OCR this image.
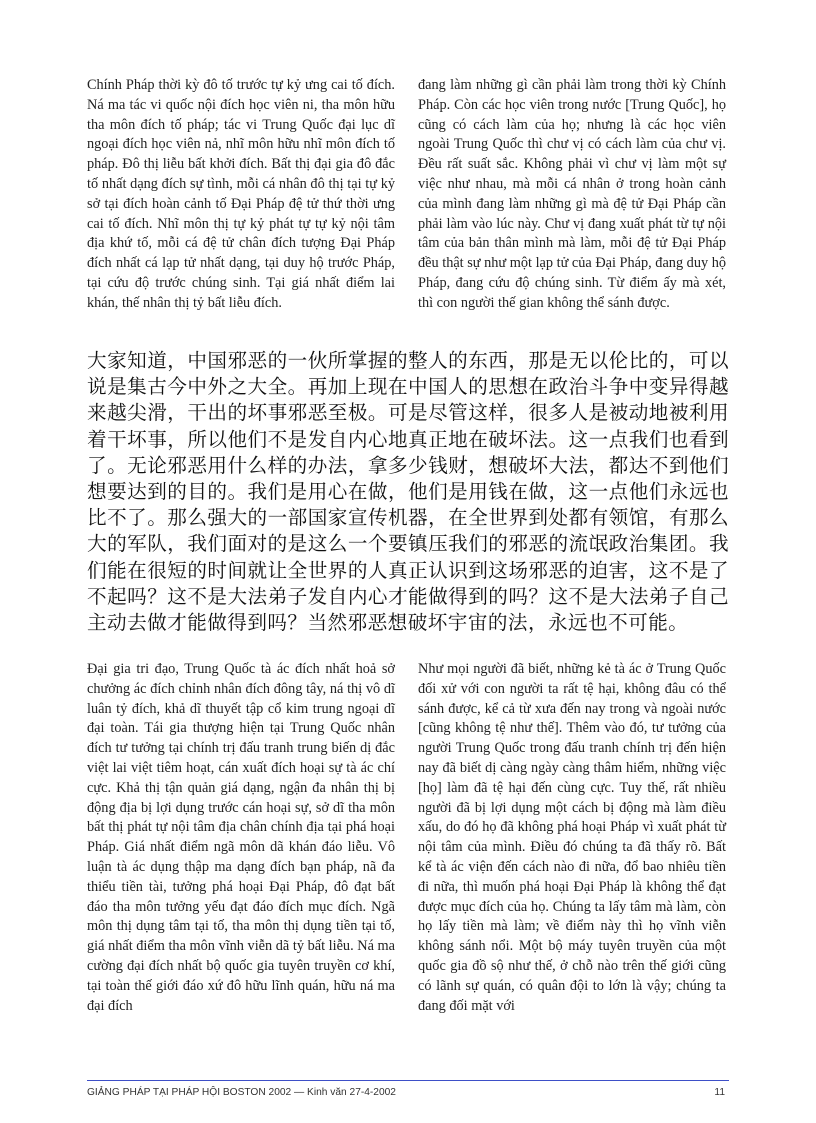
Chính Pháp thời kỳ đô tố trước tự kỷ ưng cai tố đích. Ná ma tác vi quốc nội đích học viên ni, tha môn hữu tha môn đích tố pháp; tác vi Trung Quốc đại lục dĩ ngoại đích học viên nả, nhĩ môn hữu nhĩ môn đích tố pháp. Đô thị liễu bất khởi đích. Bất thị đại gia đô đắc tố nhất dạng đích sự tình, mỗi cá nhân đô thị tại tự kỷ sở tại đích hoàn cảnh tố Đại Pháp đệ tử thứ thời ưng cai tố đích. Nhĩ môn thị tự kỷ phát tự tự kỷ nội tâm địa khứ tố, mỗi cá đệ tử chân đích tượng Đại Pháp đích nhất cá lạp tử nhất dạng, tại duy hộ trước Pháp, tại cứu độ trước chúng sinh. Tại giá nhất điểm lai khán, thế nhân thị tỷ bất liễu đích.

đang làm những gì cần phải làm trong thời kỳ Chính Pháp. Còn các học viên trong nước [Trung Quốc], họ cũng có cách làm của họ; nhưng là các học viên ngoài Trung Quốc thì chư vị có cách làm của chư vị. Đều rất suất sắc. Không phải vì chư vị làm một sự việc như nhau, mà mỗi cá nhân ở trong hoàn cảnh của mình đang làm những gì mà đệ tử Đại Pháp cần phải làm vào lúc này. Chư vị đang xuất phát từ tự nội tâm của bản thân mình mà làm, mỗi đệ tử Đại Pháp đều thật sự như một lạp tử của Đại Pháp, đang duy hộ Pháp, đang cứu độ chúng sinh. Từ điểm ấy mà xét, thì con người thế gian không thể sánh được.

大家知道，中国邪恶的一伙所掌握的整人的东西，那是无以伦比的，可以说是集古今中外之大全。再加上现在中国人的思想在政治斗争中变异得越来越尖滑，干出的坏事邪恶至极。可是尽管这样，很多人是被动地被利用着干坏事，所以他们不是发自内心地真正地在破坏法。这一点我们也看到了。无论邪恶用什么样的办法，拿多少钱财，想破坏大法，都达不到他们想要达到的目的。我们是用心在做，他们是用钱在做，这一点他们永远也比不了。那么强大的一部国家宣传机器，在全世界到处都有领馆，有那么大的军队，我们面对的是这么一个要镇压我们的邪恶的流氓政治集团。我们能在很短的时间就让全世界的人真正认识到这场邪恶的迫害，这不是了不起吗？这不是大法弟子发自内心才能做得到的吗？这不是大法弟子自己主动去做才能做得到吗？当然邪恶想破坏宇宙的法，永远也不可能。

Đại gia tri đạo, Trung Quốc tà ác đích nhất hoả sở chưởng ác đích chỉnh nhân đích đông tây, ná thị vô dĩ luân tỷ đích, khả dĩ thuyết tập cổ kim trung ngoại dĩ đại toàn. Tái gia thượng hiện tại Trung Quốc nhân đích tư tưởng tại chính trị đấu tranh trung biến dị đắc việt lai việt tiêm hoạt, cán xuất đích hoại sự tà ác chí cực. Khả thị tận quản giá dạng, ngận đa nhân thị bị động địa bị lợi dụng trước cán hoại sự, sở dĩ tha môn bất thị phát tự nội tâm địa chân chính địa tại phá hoại Pháp. Giá nhất điểm ngã môn dã khán đáo liễu. Vô luận tà ác dụng thập ma dạng đích bạn pháp, nã đa thiểu tiền tài, tưởng phá hoại Đại Pháp, đô đạt bất đáo tha môn tưởng yếu đạt đáo đích mục đích. Ngã môn thị dụng tâm tại tố, tha môn thị dụng tiền tại tố, giá nhất điểm tha môn vĩnh viễn dã tỷ bất liễu. Ná ma cường đại đích nhất bộ quốc gia tuyên truyền cơ khí, tại toàn thế giới đáo xứ đô hữu lĩnh quán, hữu ná ma đại đích

Như mọi người đã biết, những kẻ tà ác ở Trung Quốc đối xử với con người ta rất tệ hại, không đâu có thể sánh được, kể cả từ xưa đến nay trong và ngoài nước [cũng không tệ như thế]. Thêm vào đó, tư tưởng của người Trung Quốc trong đấu tranh chính trị đến hiện nay đã biết dị càng ngày càng thâm hiểm, những việc [họ] làm đã tệ hại đến cùng cực. Tuy thế, rất nhiều người đã bị lợi dụng một cách bị động mà làm điều xấu, do đó họ đã không phá hoại Pháp vì xuất phát từ nội tâm của mình. Điều đó chúng ta đã thấy rõ. Bất kể tà ác viện đến cách nào đi nữa, đổ bao nhiêu tiền đi nữa, thì muốn phá hoại Đại Pháp là không thể đạt được mục đích của họ. Chúng ta lấy tâm mà làm, còn họ lấy tiền mà làm; về điểm này thì họ vĩnh viễn không sánh nổi. Một bộ máy tuyên truyền của một quốc gia đồ sộ như thế, ở chỗ nào trên thế giới cũng có lãnh sự quán, có quân đội to lớn là vậy; chúng ta đang đối mặt với

GIẢNG PHÁP TẠI PHÁP HỘI BOSTON 2002 — Kinh văn 27-4-2002	11
